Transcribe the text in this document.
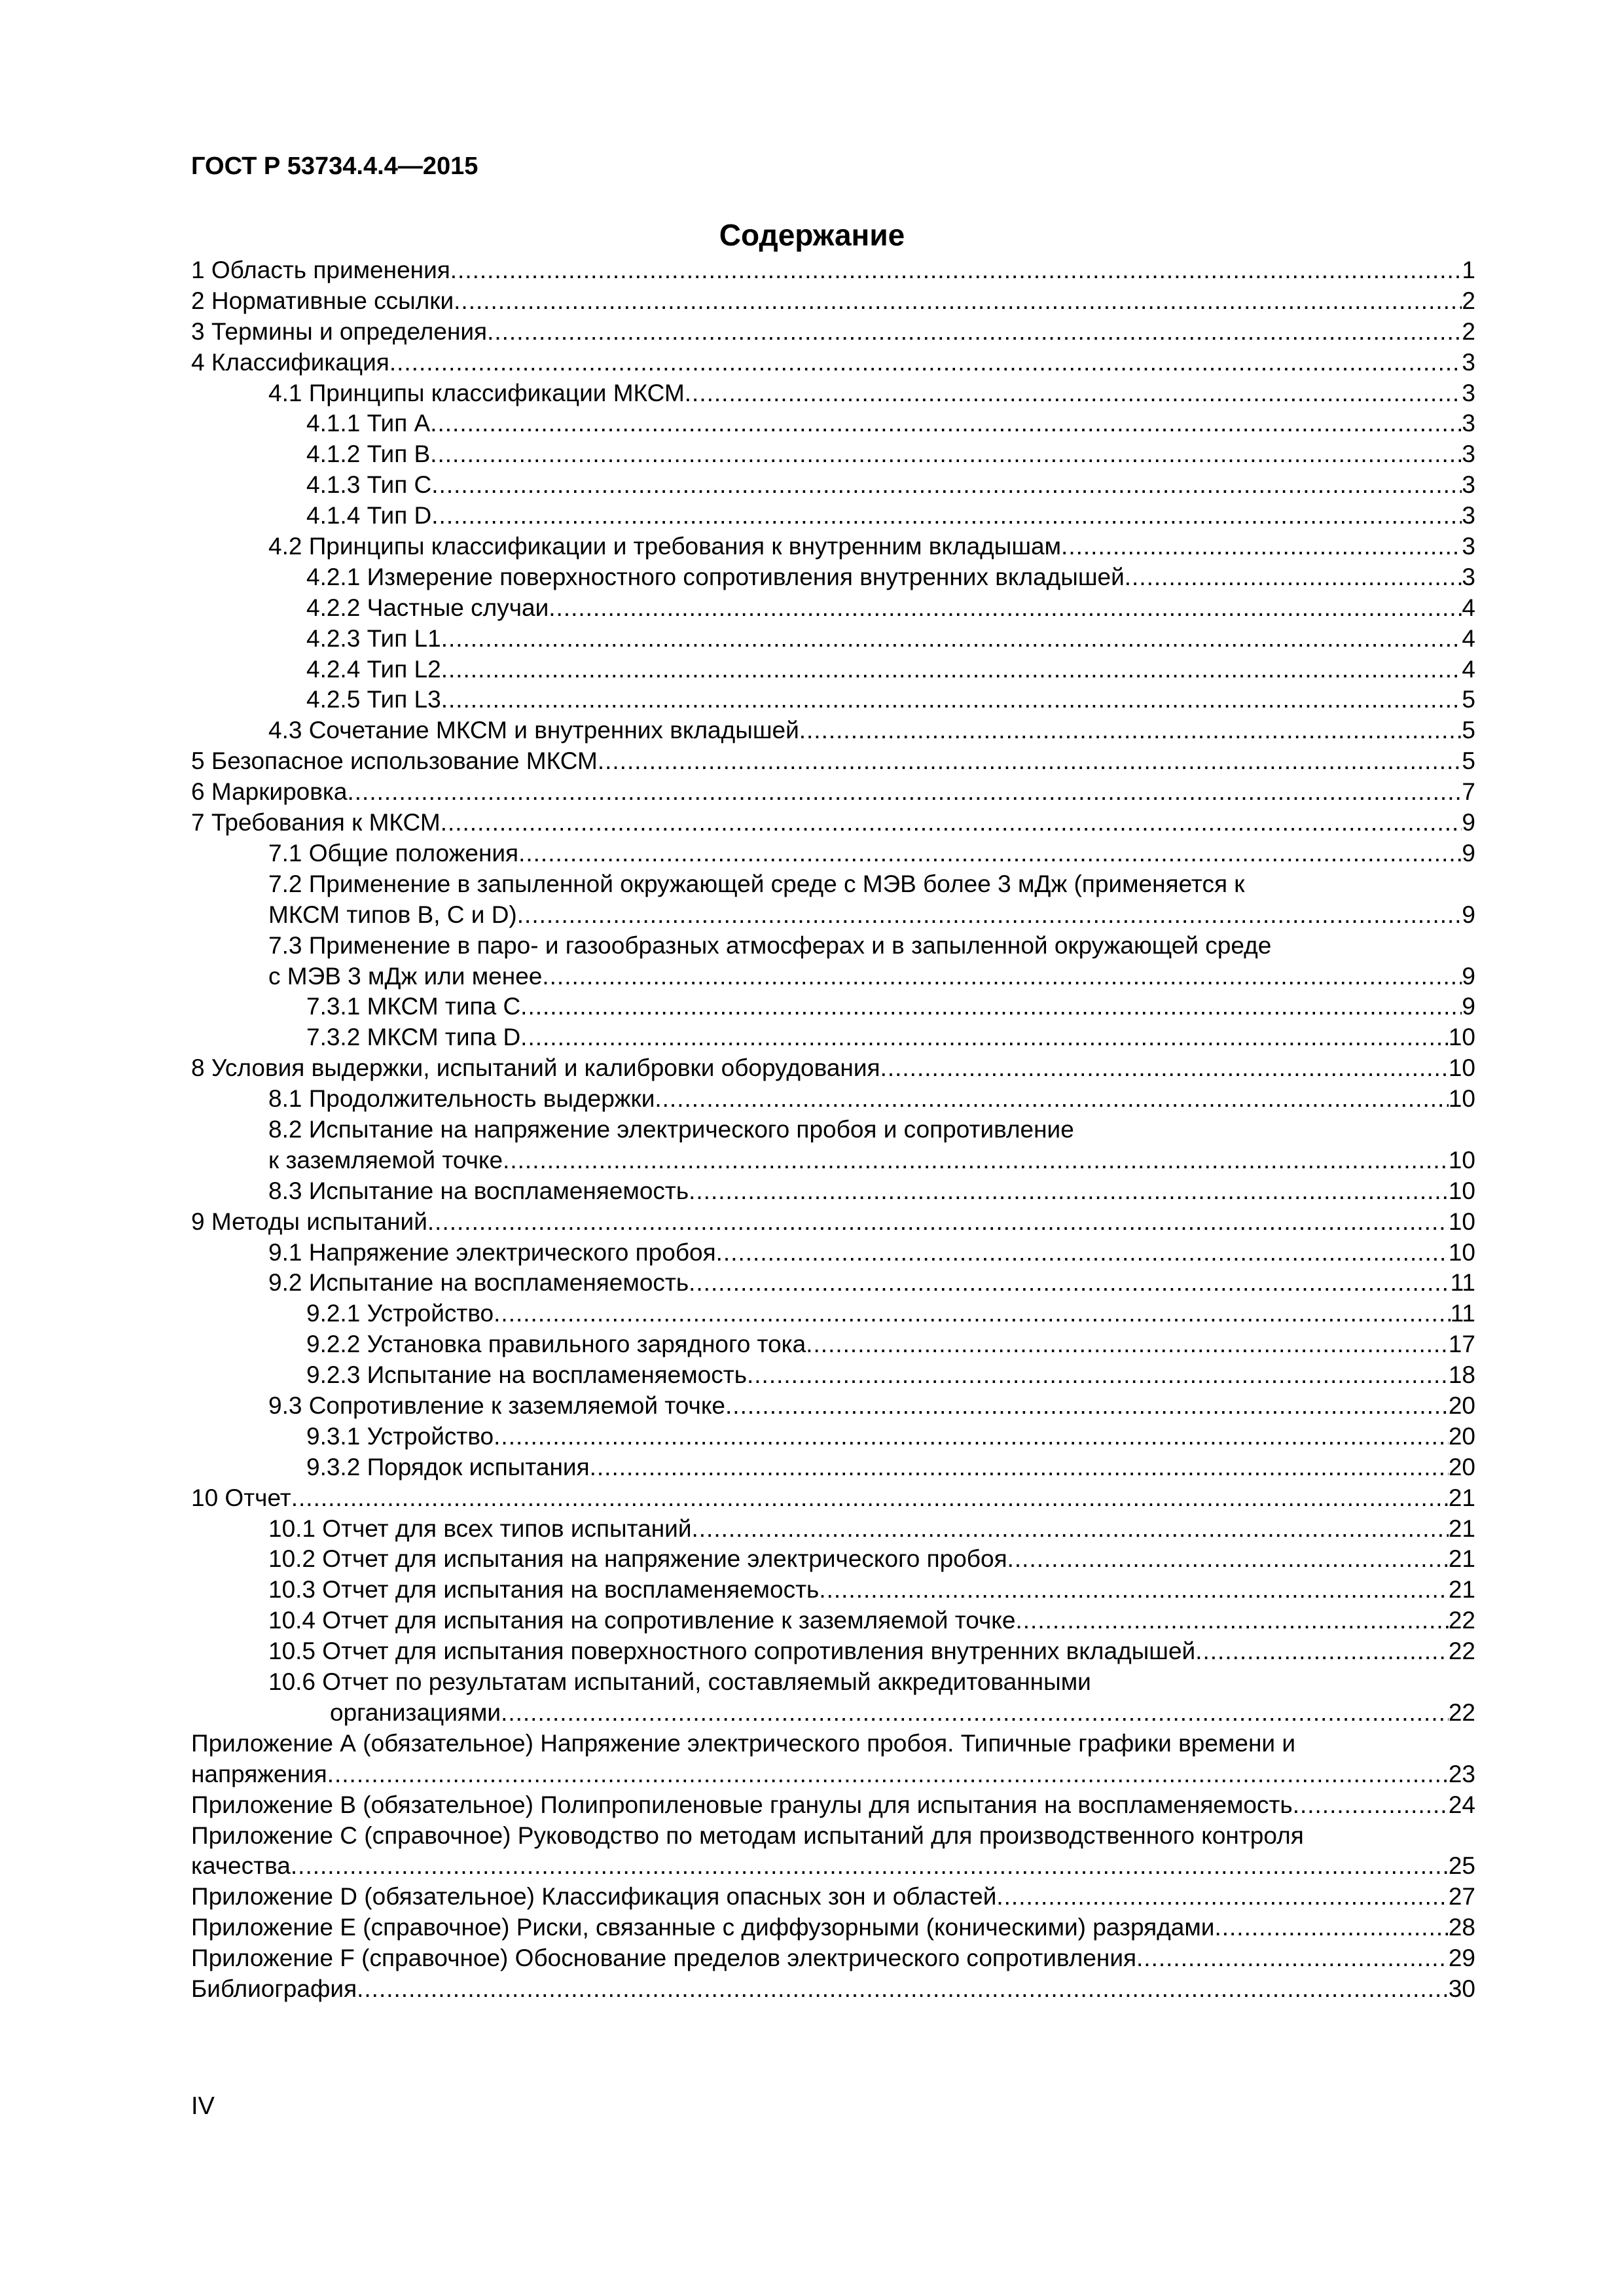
ГОСТ Р 53734.4.4—2015
Содержание
1 Область применения .....	1
2 Нормативные ссылки .....	2
3 Термины и определения .....	2
4 Классификация .....	3
4.1 Принципы классификации МКСМ .....	3
4.1.1 Тип А .....	3
4.1.2 Тип В .....	3
4.1.3 Тип С .....	3
4.1.4 Тип D .....	3
4.2 Принципы классификации и требования к внутренним вкладышам .....	3
4.2.1 Измерение поверхностного сопротивления внутренних вкладышей .....	3
4.2.2 Частные случаи .....	4
4.2.3 Тип L1 .....	4
4.2.4 Тип L2 .....	4
4.2.5 Тип L3 .....	5
4.3 Сочетание МКСМ и внутренних вкладышей .....	5
5 Безопасное использование МКСМ .....	5
6 Маркировка .....	7
7 Требования к МКСМ .....	9
7.1 Общие положения .....	9
7.2 Применение в запыленной окружающей среде с МЭВ более 3 мДж (применяется к
МКСМ типов В, С и D) .....	9
7.3 Применение в паро- и газообразных атмосферах и в запыленной окружающей среде
с МЭВ 3 мДж или менее .....	9
7.3.1 МКСМ типа С .....	9
7.3.2 МКСМ типа D .....	10
8 Условия выдержки, испытаний и калибровки оборудования .....	10
8.1 Продолжительность выдержки .....	10
8.2 Испытание на напряжение электрического пробоя и сопротивление
к заземляемой точке .....	10
8.3 Испытание на воспламеняемость .....	10
9 Методы испытаний .....	10
9.1 Напряжение электрического пробоя .....	10
9.2 Испытание на воспламеняемость .....	11
9.2.1 Устройство .....	11
9.2.2 Установка правильного зарядного тока .....	17
9.2.3 Испытание на воспламеняемость .....	18
9.3 Сопротивление к заземляемой точке .....	20
9.3.1 Устройство .....	20
9.3.2 Порядок испытания .....	20
10 Отчет .....	21
10.1 Отчет для всех типов испытаний .....	21
10.2 Отчет для испытания на напряжение электрического пробоя .....	21
10.3 Отчет для испытания на воспламеняемость .....	21
10.4 Отчет для испытания на сопротивление к заземляемой точке .....	22
10.5 Отчет для испытания поверхностного сопротивления внутренних вкладышей .....	22
10.6 Отчет по результатам испытаний, составляемый аккредитованными
организациями .....	22
Приложение А (обязательное) Напряжение электрического пробоя. Типичные графики времени и
напряжения .....	23
Приложение В (обязательное) Полипропиленовые гранулы для испытания на воспламеняемость .....	24
Приложение С (справочное) Руководство по методам испытаний для производственного контроля
качества .....	25
Приложение D (обязательное) Классификация опасных зон и областей .....	27
Приложение Е (справочное) Риски, связанные с диффузорными (коническими) разрядами .....	28
Приложение F (справочное) Обоснование пределов электрического сопротивления .....	29
Библиография .....	30
IV
